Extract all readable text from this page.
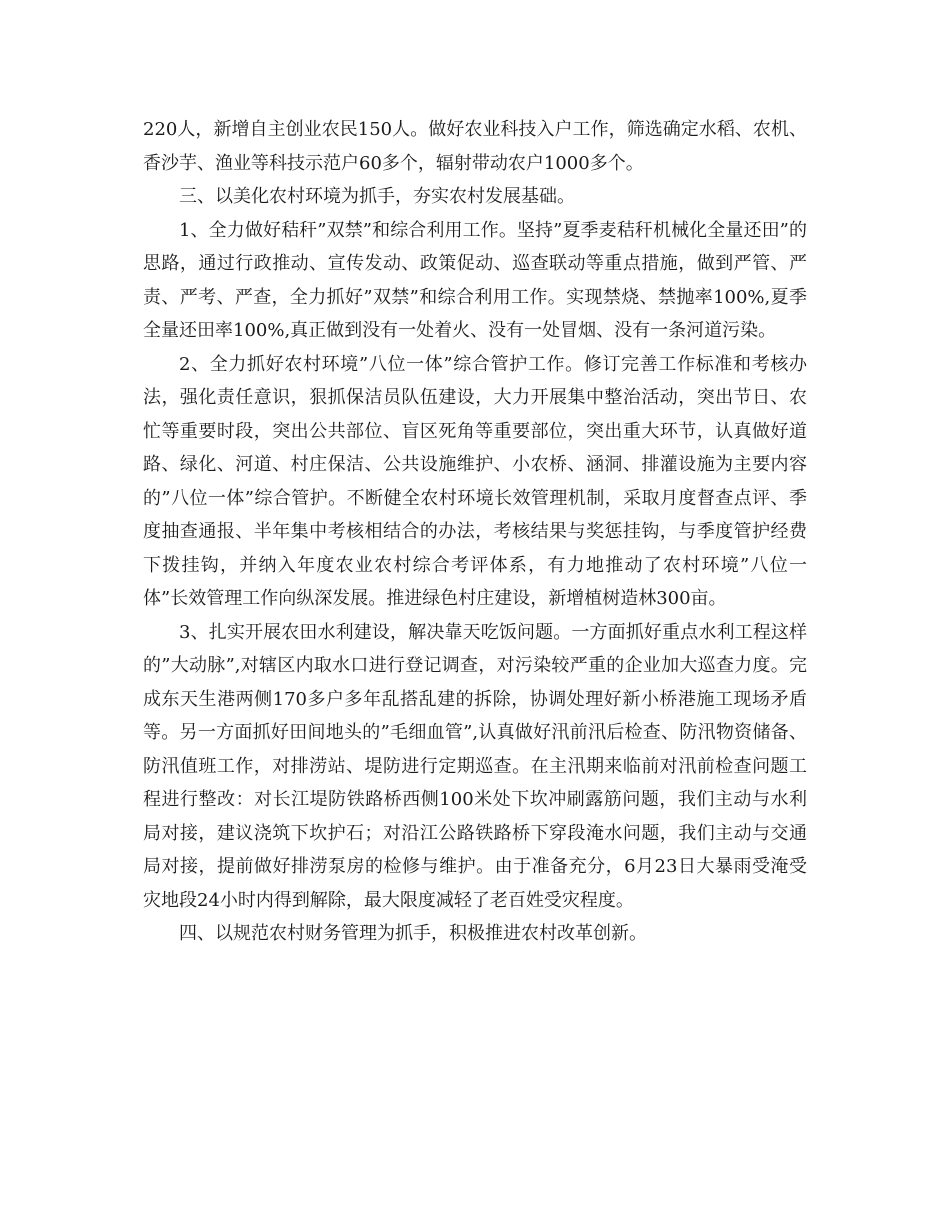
220人，新增自主创业农民150人。做好农业科技入户工作，筛选确定水稻、农机、香沙芋、渔业等科技示范户60多个，辐射带动农户1000多个。

三、以美化农村环境为抓手，夯实农村发展基础。

1、全力做好秸秆”双禁”和综合利用工作。坚持”夏季麦秸秆机械化全量还田”的思路，通过行政推动、宣传发动、政策促动、巡查联动等重点措施，做到严管、严责、严考、严查，全力抓好”双禁”和综合利用工作。实现禁烧、禁抛率100%,夏季全量还田率100%,真正做到没有一处着火、没有一处冒烟、没有一条河道污染。

2、全力抓好农村环境”八位一体”综合管护工作。修订完善工作标准和考核办法，强化责任意识，狠抓保洁员队伍建设，大力开展集中整治活动，突出节日、农忙等重要时段，突出公共部位、盲区死角等重要部位，突出重大环节，认真做好道路、绿化、河道、村庄保洁、公共设施维护、小农桥、涵洞、排灌设施为主要内容的”八位一体”综合管护。不断健全农村环境长效管理机制，采取月度督查点评、季度抽查通报、半年集中考核相结合的办法，考核结果与奖惩挂钩，与季度管护经费下拨挂钩，并纳入年度农业农村综合考评体系，有力地推动了农村环境”八位一体”长效管理工作向纵深发展。推进绿色村庄建设，新增植树造林300亩。

3、扎实开展农田水利建设，解决靠天吃饭问题。一方面抓好重点水利工程这样的”大动脉”,对辖区内取水口进行登记调查，对污染较严重的企业加大巡查力度。完成东天生港两侧170多户多年乱搭乱建的拆除，协调处理好新小桥港施工现场矛盾等。另一方面抓好田间地头的”毛细血管”,认真做好汛前汛后检查、防汛物资储备、防汛值班工作，对排涝站、堤防进行定期巡查。在主汛期来临前对汛前检查问题工程进行整改：对长江堤防铁路桥西侧100米处下坎冲刷露筋问题，我们主动与水利局对接，建议浇筑下坎护石；对沿江公路铁路桥下穿段淹水问题，我们主动与交通局对接，提前做好排涝泵房的检修与维护。由于准备充分，6月23日大暴雨受淹受灾地段24小时内得到解除，最大限度减轻了老百姓受灾程度。

四、以规范农村财务管理为抓手，积极推进农村改革创新。
